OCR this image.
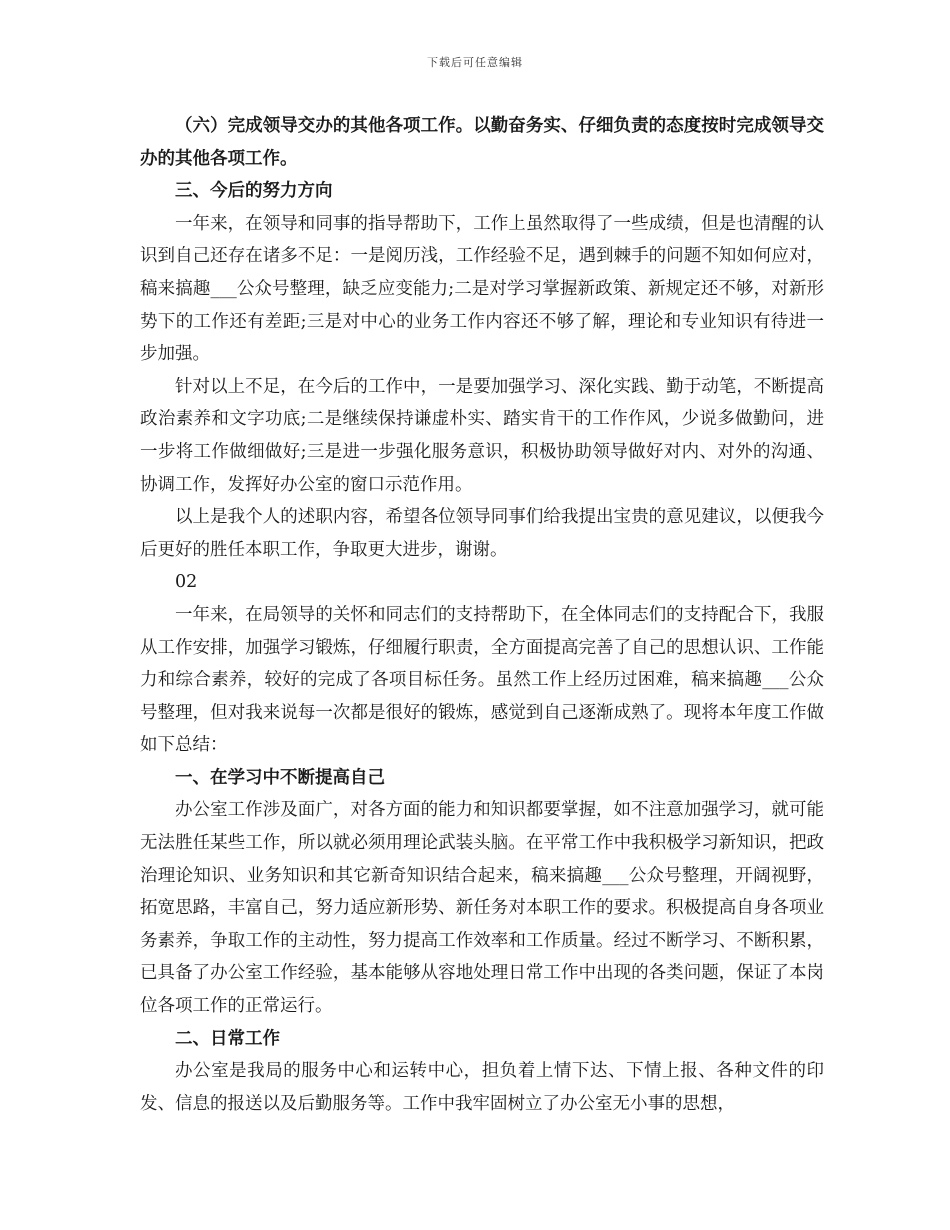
下载后可任意编辑

（六）完成领导交办的其他各项工作。以勤奋务实、仔细负责的态度按时完成领导交办的其他各项工作。

三、今后的努力方向

一年来，在领导和同事的指导帮助下，工作上虽然取得了一些成绩，但是也清醒的认识到自己还存在诸多不足：一是阅历浅，工作经验不足，遇到棘手的问题不知如何应对，稿来搞趣___公众号整理，缺乏应变能力;二是对学习掌握新政策、新规定还不够，对新形势下的工作还有差距;三是对中心的业务工作内容还不够了解，理论和专业知识有待进一步加强。

针对以上不足，在今后的工作中，一是要加强学习、深化实践、勤于动笔，不断提高政治素养和文字功底;二是继续保持谦虚朴实、踏实肯干的工作作风，少说多做勤问，进一步将工作做细做好;三是进一步强化服务意识，积极协助领导做好对内、对外的沟通、协调工作，发挥好办公室的窗口示范作用。

以上是我个人的述职内容，希望各位领导同事们给我提出宝贵的意见建议，以便我今后更好的胜任本职工作，争取更大进步，谢谢。

02

一年来，在局领导的关怀和同志们的支持帮助下，在全体同志们的支持配合下，我服从工作安排，加强学习锻炼，仔细履行职责，全方面提高完善了自己的思想认识、工作能力和综合素养，较好的完成了各项目标任务。虽然工作上经历过困难，稿来搞趣___公众号整理，但对我来说每一次都是很好的锻炼，感觉到自己逐渐成熟了。现将本年度工作做如下总结：

一、在学习中不断提高自己

办公室工作涉及面广，对各方面的能力和知识都要掌握，如不注意加强学习，就可能无法胜任某些工作，所以就必须用理论武装头脑。在平常工作中我积极学习新知识，把政治理论知识、业务知识和其它新奇知识结合起来，稿来搞趣___公众号整理，开阔视野，拓宽思路，丰富自己，努力适应新形势、新任务对本职工作的要求。积极提高自身各项业务素养，争取工作的主动性，努力提高工作效率和工作质量。经过不断学习、不断积累，已具备了办公室工作经验，基本能够从容地处理日常工作中出现的各类问题，保证了本岗位各项工作的正常运行。

二、日常工作

办公室是我局的服务中心和运转中心，担负着上情下达、下情上报、各种文件的印发、信息的报送以及后勤服务等。工作中我牢固树立了办公室无小事的思想，
